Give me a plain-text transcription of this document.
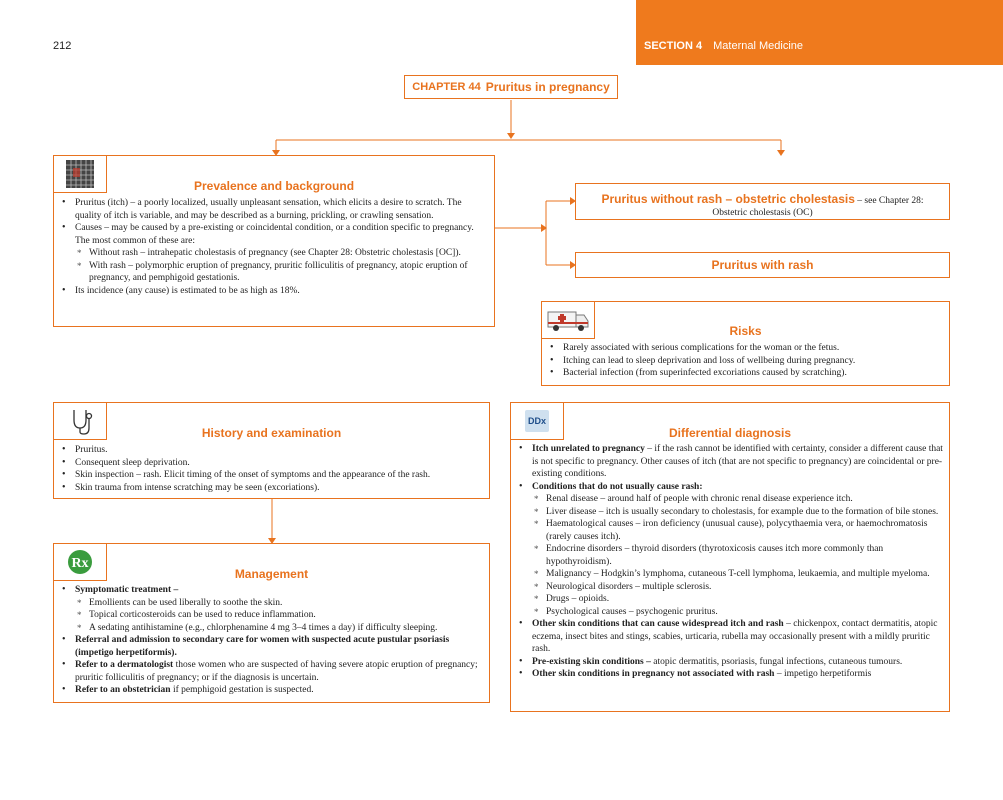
212	SECTION 4 Maternal Medicine
CHAPTER 44 Pruritus in pregnancy
Prevalence and background
• Pruritus (itch) – a poorly localized, usually unpleasant sensation, which elicits a desire to scratch. The quality of itch is variable, and may be described as a burning, prickling, or crawling sensation.
• Causes – may be caused by a pre-existing or coincidental condition, or a condition specific to pregnancy. The most common of these are:
* Without rash – intrahepatic cholestasis of pregnancy (see Chapter 28: Obstetric cholestasis [OC]).
* With rash – polymorphic eruption of pregnancy, pruritic folliculitis of pregnancy, atopic eruption of pregnancy, and pemphigoid gestationis.
• Its incidence (any cause) is estimated to be as high as 18%.
Pruritus without rash – obstetric cholestasis – see Chapter 28:
Obstetric cholestasis (OC)
Pruritus with rash
Risks
• Rarely associated with serious complications for the woman or the fetus.
• Itching can lead to sleep deprivation and loss of wellbeing during pregnancy.
• Bacterial infection (from superinfected excoriations caused by scratching).
History and examination
• Pruritus.
• Consequent sleep deprivation.
• Skin inspection – rash. Elicit timing of the onset of symptoms and the appearance of the rash.
• Skin trauma from intense scratching may be seen (excoriations).
Rx
Management
• Symptomatic treatment –
* Emollients can be used liberally to soothe the skin.
* Topical corticosteroids can be used to reduce inflammation.
* A sedating antihistamine (e.g., chlorphenamine 4 mg 3–4 times a day) if difficulty sleeping.
• Referral and admission to secondary care for women with suspected acute pustular psoriasis (impetigo herpetiformis).
• Refer to a dermatologist those women who are suspected of having severe atopic eruption of pregnancy; pruritic folliculitis of pregnancy; or if the diagnosis is uncertain.
• Refer to an obstetrician if pemphigoid gestation is suspected.
DDx
Differential diagnosis
• Itch unrelated to pregnancy – if the rash cannot be identified with certainty, consider a different cause that is not specific to pregnancy. Other causes of itch (that are not specific to pregnancy) are coincidental or pre-existing conditions.
• Conditions that do not usually cause rash:
* Renal disease – around half of people with chronic renal disease experience itch.
* Liver disease – itch is usually secondary to cholestasis, for example due to the formation of bile stones.
* Haematological causes – iron deficiency (unusual cause), polycythaemia vera, or haemochromatosis (rarely causes itch).
* Endocrine disorders – thyroid disorders (thyrotoxicosis causes itch more commonly than hypothyroidism).
* Malignancy – Hodgkin’s lymphoma, cutaneous T-cell lymphoma, leukaemia, and multiple myeloma.
* Neurological disorders – multiple sclerosis.
* Drugs – opioids.
* Psychological causes – psychogenic pruritus.
• Other skin conditions that can cause widespread itch and rash – chickenpox, contact dermatitis, atopic eczema, insect bites and stings, scabies, urticaria, rubella may occasionally present with a mildly pruritic rash.
• Pre-existing skin conditions – atopic dermatitis, psoriasis, fungal infections, cutaneous tumours.
• Other skin conditions in pregnancy not associated with rash – impetigo herpetiformis
